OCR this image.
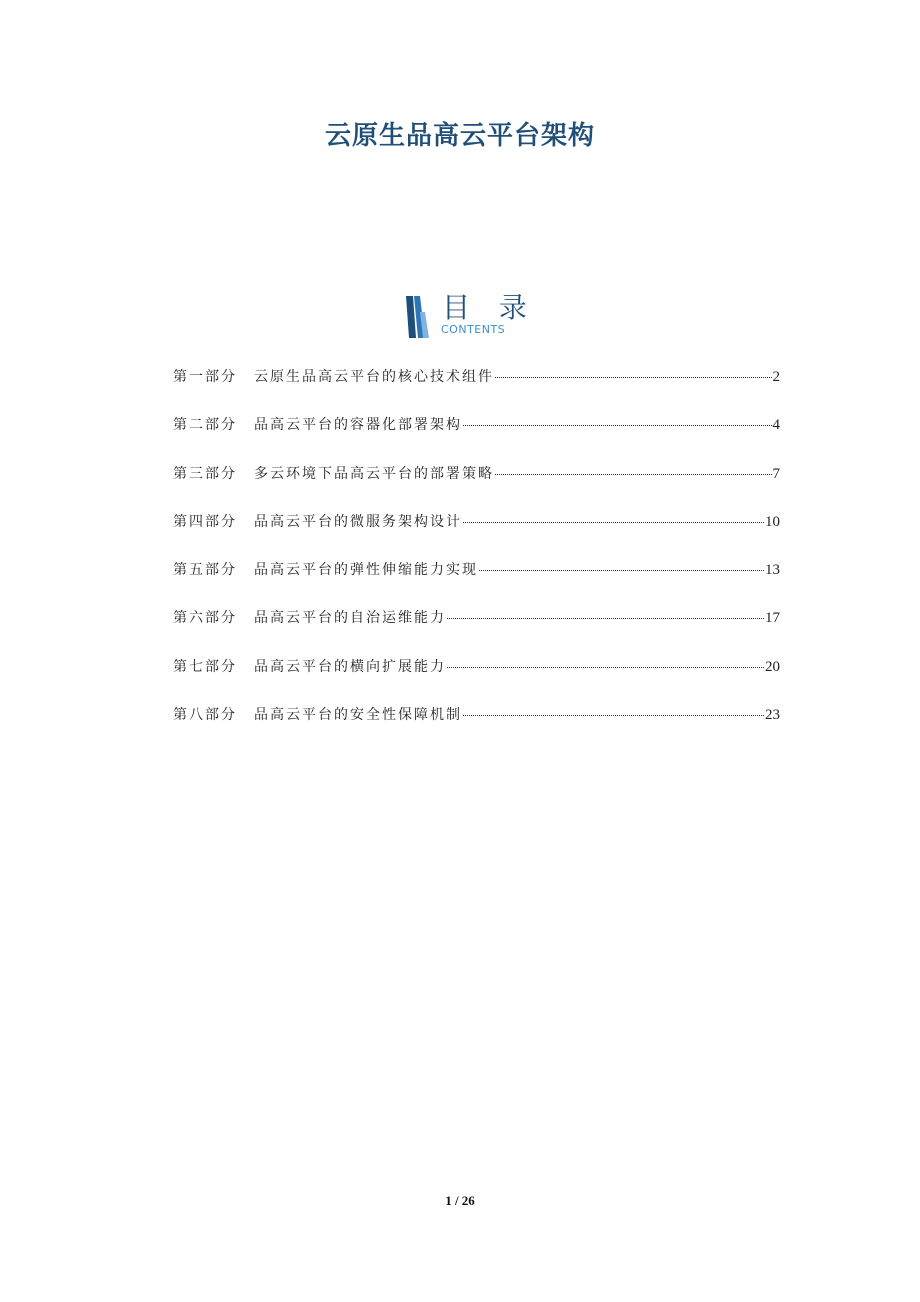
云原生品高云平台架构
目 录
CONTENTS
第一部分	云原生品高云平台的核心技术组件	2
第二部分	品高云平台的容器化部署架构	4
第三部分	多云环境下品高云平台的部署策略	7
第四部分	品高云平台的微服务架构设计	10
第五部分	品高云平台的弹性伸缩能力实现	13
第六部分	品高云平台的自治运维能力	17
第七部分	品高云平台的横向扩展能力	20
第八部分	品高云平台的安全性保障机制	23
1 / 26
